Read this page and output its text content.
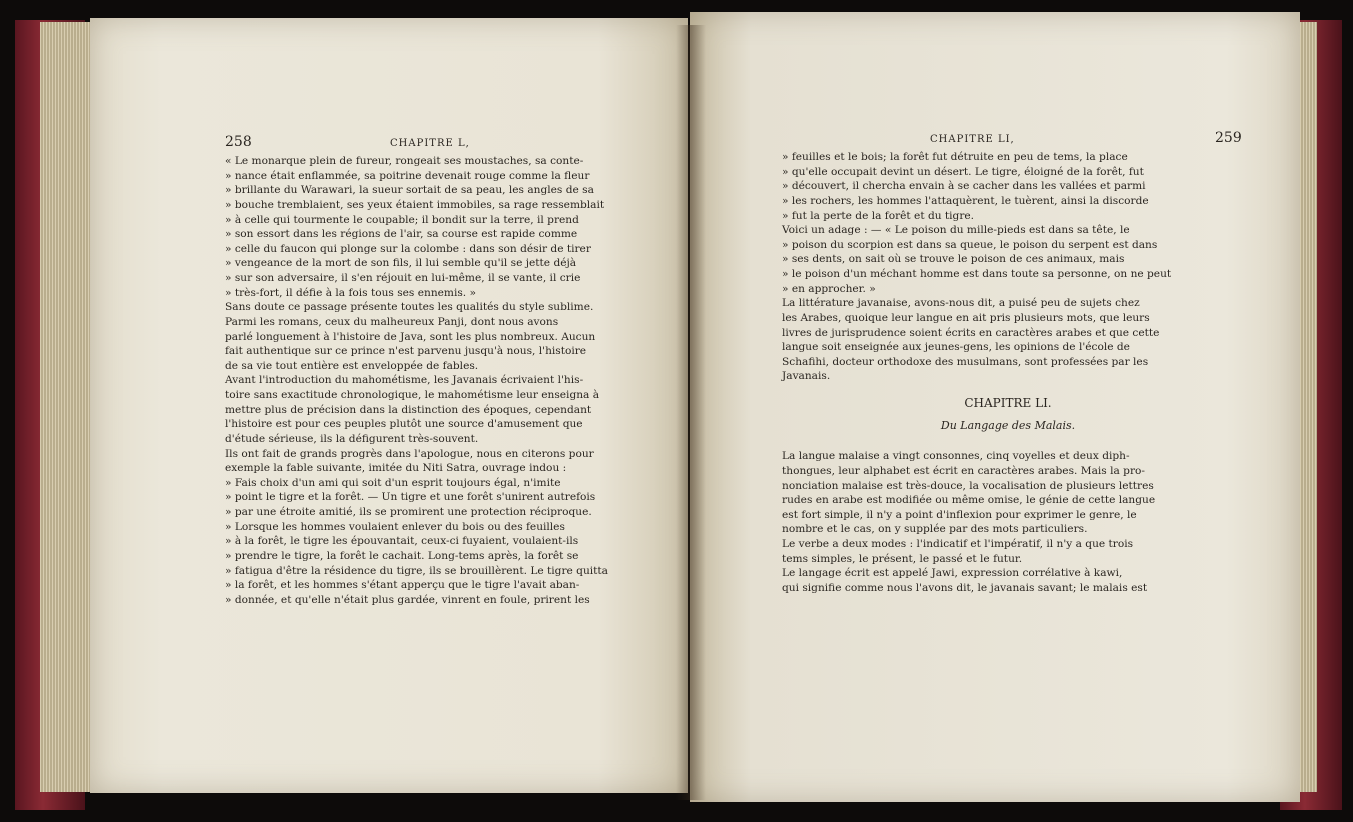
258	CHAPITRE L,
« Le monarque plein de fureur, rongeait ses moustaches, sa conte-
» nance était enflammée, sa poitrine devenait rouge comme la fleur
» brillante du Warawari, la sueur sortait de sa peau, les angles de sa
» bouche tremblaient, ses yeux étaient immobiles, sa rage ressemblait
» à celle qui tourmente le coupable; il bondit sur la terre, il prend
» son essort dans les régions de l'air, sa course est rapide comme
» celle du faucon qui plonge sur la colombe : dans son désir de tirer
» vengeance de la mort de son fils, il lui semble qu'il se jette déjà
» sur son adversaire, il s'en réjouit en lui-même, il se vante, il crie
» très-fort, il défie à la fois tous ses ennemis. »
Sans doute ce passage présente toutes les qualités du style sublime.
Parmi les romans, ceux du malheureux Panji, dont nous avons
parlé longuement à l'histoire de Java, sont les plus nombreux. Aucun
fait authentique sur ce prince n'est parvenu jusqu'à nous, l'histoire
de sa vie tout entière est enveloppée de fables.
Avant l'introduction du mahométisme, les Javanais écrivaient l'his-
toire sans exactitude chronologique, le mahométisme leur enseigna à
mettre plus de précision dans la distinction des époques, cependant
l'histoire est pour ces peuples plutôt une source d'amusement que
d'étude sérieuse, ils la défigurent très-souvent.
Ils ont fait de grands progrès dans l'apologue, nous en citerons pour
exemple la fable suivante, imitée du Niti Satra, ouvrage indou :
» Fais choix d'un ami qui soit d'un esprit toujours égal, n'imite
» point le tigre et la forêt. — Un tigre et une forêt s'unirent autrefois
» par une étroite amitié, ils se promirent une protection réciproque.
» Lorsque les hommes voulaient enlever du bois ou des feuilles
» à la forêt, le tigre les épouvantait, ceux-ci fuyaient, voulaient-ils
» prendre le tigre, la forêt le cachait. Long-tems après, la forêt se
» fatigua d'être la résidence du tigre, ils se brouillèrent. Le tigre quitta
» la forêt, et les hommes s'étant apperçu que le tigre l'avait aban-
» donnée, et qu'elle n'était plus gardée, vinrent en foule, prirent les
CHAPITRE LI,	259
» feuilles et le bois; la forêt fut détruite en peu de tems, la place
» qu'elle occupait devint un désert. Le tigre, éloigné de la forêt, fut
» découvert, il chercha envain à se cacher dans les vallées et parmi
» les rochers, les hommes l'attaquèrent, le tuèrent, ainsi la discorde
» fut la perte de la forêt et du tigre.
Voici un adage : — « Le poison du mille-pieds est dans sa tête, le
» poison du scorpion est dans sa queue, le poison du serpent est dans
» ses dents, on sait où se trouve le poison de ces animaux, mais
» le poison d'un méchant homme est dans toute sa personne, on ne peut
» en approcher. »
La littérature javanaise, avons-nous dit, a puisé peu de sujets chez
les Arabes, quoique leur langue en ait pris plusieurs mots, que leurs
livres de jurisprudence soient écrits en caractères arabes et que cette
langue soit enseignée aux jeunes-gens, les opinions de l'école de
Schafihi, docteur orthodoxe des musulmans, sont professées par les
Javanais.
CHAPITRE LI.
Du Langage des Malais.
La langue malaise a vingt consonnes, cinq voyelles et deux diph-
thongues, leur alphabet est écrit en caractères arabes. Mais la pro-
nonciation malaise est très-douce, la vocalisation de plusieurs lettres
rudes en arabe est modifiée ou même omise, le génie de cette langue
est fort simple, il n'y a point d'inflexion pour exprimer le genre, le
nombre et le cas, on y supplée par des mots particuliers.
Le verbe a deux modes : l'indicatif et l'impératif, il n'y a que trois
tems simples, le présent, le passé et le futur.
Le langage écrit est appelé Jawi, expression corrélative à kawi,
qui signifie comme nous l'avons dit, le javanais savant; le malais est
